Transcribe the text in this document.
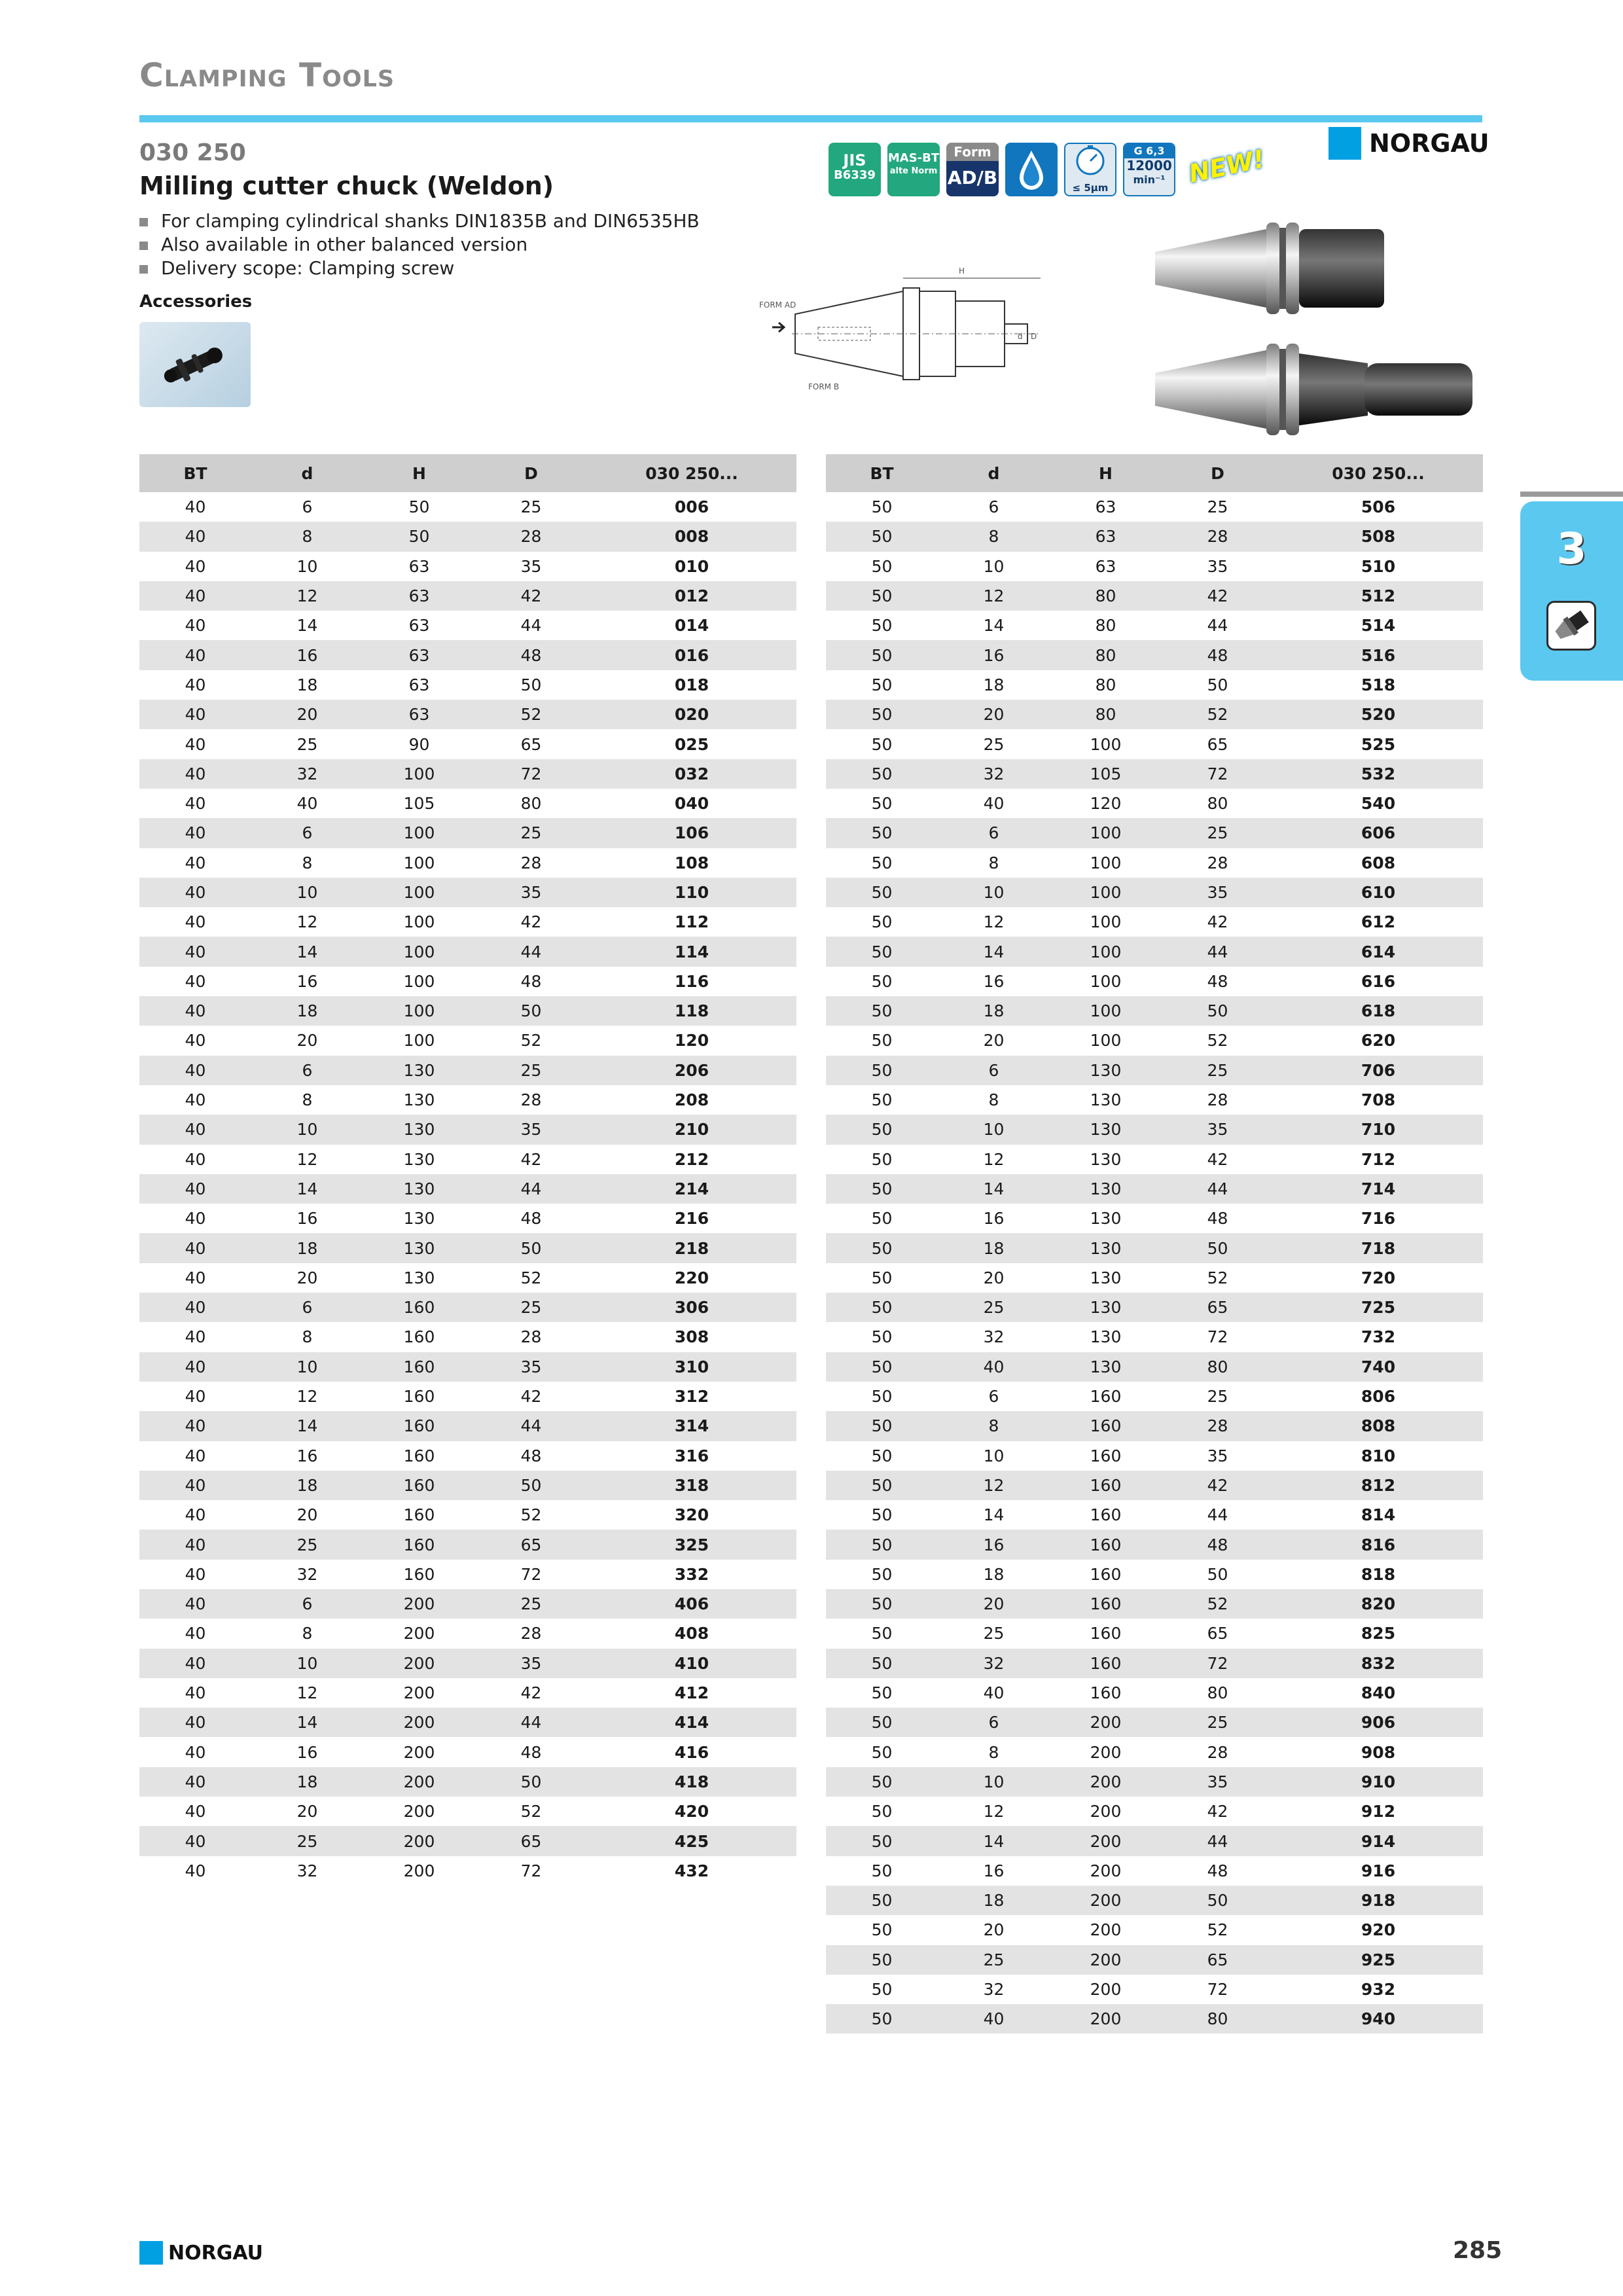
Clamping Tools
030 250
Milling cutter chuck (Weldon)
For clamping cylindrical shanks DIN1835B and DIN6535HB
Also available in other balanced version
Delivery scope: Clamping screw
Accessories
JIS
B6339
MAS-BT
alte Norm
Form
AD/B	≤ 5μm
G 6,3
12000
min⁻¹ NEW!
NORGAU
FORM AD
FORM B
H
D
d
3
BT	d	H	D	030 250...
40	6	50	25	006
40	8	50	28	008
40	10	63	35	010
40	12	63	42	012
40	14	63	44	014
40	16	63	48	016
40	18	63	50	018
40	20	63	52	020
40	25	90	65	025
40	32	100	72	032
40	40	105	80	040
40	6	100	25	106
40	8	100	28	108
40	10	100	35	110
40	12	100	42	112
40	14	100	44	114
40	16	100	48	116
40	18	100	50	118
40	20	100	52	120
40	6	130	25	206
40	8	130	28	208
40	10	130	35	210
40	12	130	42	212
40	14	130	44	214
40	16	130	48	216
40	18	130	50	218
40	20	130	52	220
40	6	160	25	306
40	8	160	28	308
40	10	160	35	310
40	12	160	42	312
40	14	160	44	314
40	16	160	48	316
40	18	160	50	318
40	20	160	52	320
40	25	160	65	325
40	32	160	72	332
40	6	200	25	406
40	8	200	28	408
40	10	200	35	410
40	12	200	42	412
40	14	200	44	414
40	16	200	48	416
40	18	200	50	418
40	20	200	52	420
40	25	200	65	425
40	32	200	72	432
BT	d	H	D	030 250...
50	6	63	25	506
50	8	63	28	508
50	10	63	35	510
50	12	80	42	512
50	14	80	44	514
50	16	80	48	516
50	18	80	50	518
50	20	80	52	520
50	25	100	65	525
50	32	105	72	532
50	40	120	80	540
50	6	100	25	606
50	8	100	28	608
50	10	100	35	610
50	12	100	42	612
50	14	100	44	614
50	16	100	48	616
50	18	100	50	618
50	20	100	52	620
50	6	130	25	706
50	8	130	28	708
50	10	130	35	710
50	12	130	42	712
50	14	130	44	714
50	16	130	48	716
50	18	130	50	718
50	20	130	52	720
50	25	130	65	725
50	32	130	72	732
50	40	130	80	740
50	6	160	25	806
50	8	160	28	808
50	10	160	35	810
50	12	160	42	812
50	14	160	44	814
50	16	160	48	816
50	18	160	50	818
50	20	160	52	820
50	25	160	65	825
50	32	160	72	832
50	40	160	80	840
50	6	200	25	906
50	8	200	28	908
50	10	200	35	910
50	12	200	42	912
50	14	200	44	914
50	16	200	48	916
50	18	200	50	918
50	20	200	52	920
50	25	200	65	925
50	32	200	72	932
50	40	200	80	940
NORGAU	285
